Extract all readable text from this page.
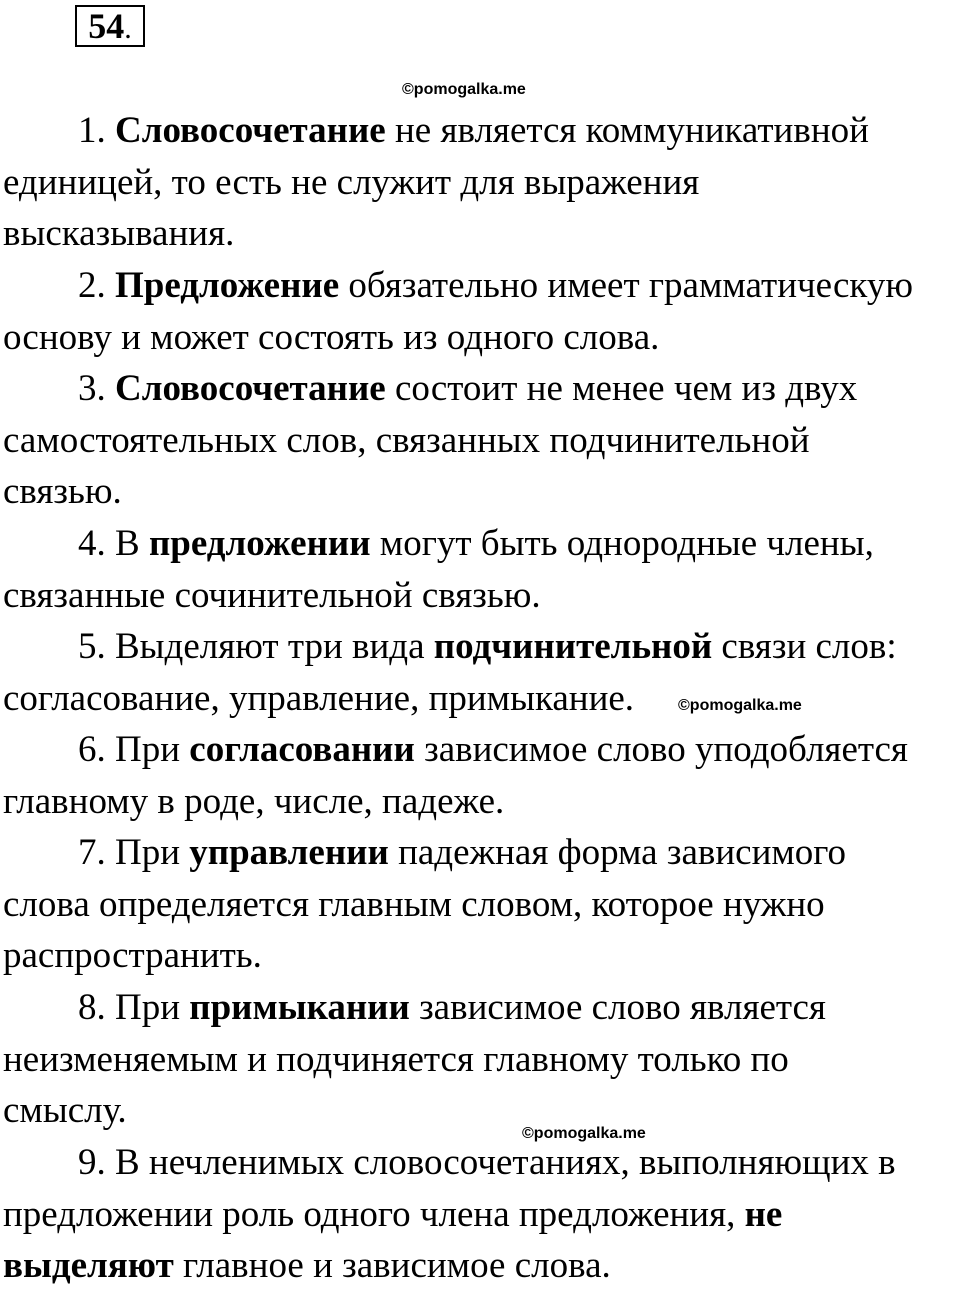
54.
©pomogalka.me
©pomogalka.me
©pomogalka.me
1. Словосочетание не является коммуникативной
единицей, то есть не служит для выражения
высказывания.
2. Предложение обязательно имеет грамматическую
основу и может состоять из одного слова.
3. Словосочетание состоит не менее чем из двух
самостоятельных слов, связанных подчинительной
связью.
4. В предложении могут быть однородные члены,
связанные сочинительной связью.
5. Выделяют три вида подчинительной связи слов:
согласование, управление, примыкание.
6. При согласовании зависимое слово уподобляется
главному в роде, числе, падеже.
7. При управлении падежная форма зависимого
слова определяется главным словом, которое нужно
распространить.
8. При примыкании зависимое слово является
неизменяемым и подчиняется главному только по
смыслу.
9. В нечленимых словосочетаниях, выполняющих в
предложении роль одного члена предложения, не
выделяют главное и зависимое слова.
